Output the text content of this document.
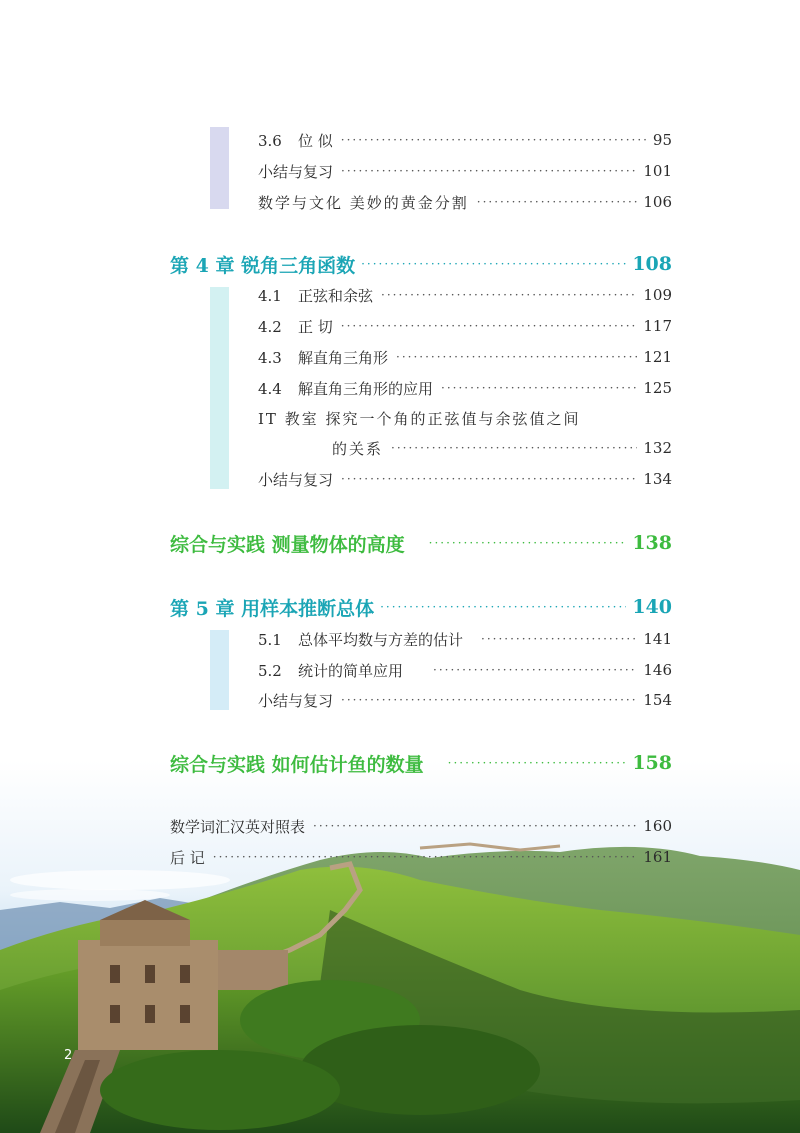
3.6 位 似 ·····	95
小结与复习 ·····	101
数学与文化 美妙的黄金分割 ·····	106
第 4 章 锐角三角函数 ·····	108
4.1 正弦和余弦 ·····	109
4.2 正 切 ·····	117
4.3 解直角三角形 ·····	121
4.4 解直角三角形的应用 ·····	125
IT 教室 探究一个角的正弦值与余弦值之间
的关系 ·····	132
小结与复习 ·····	134
综合与实践 测量物体的高度 ·····	138
第 5 章 用样本推断总体 ·····	140
5.1 总体平均数与方差的估计 ·····	141
5.2 统计的简单应用 ·····	146
小结与复习 ·····	154
综合与实践 如何估计鱼的数量 ·····	158
数学词汇汉英对照表 ·····	160
后 记 ·····	161
2
